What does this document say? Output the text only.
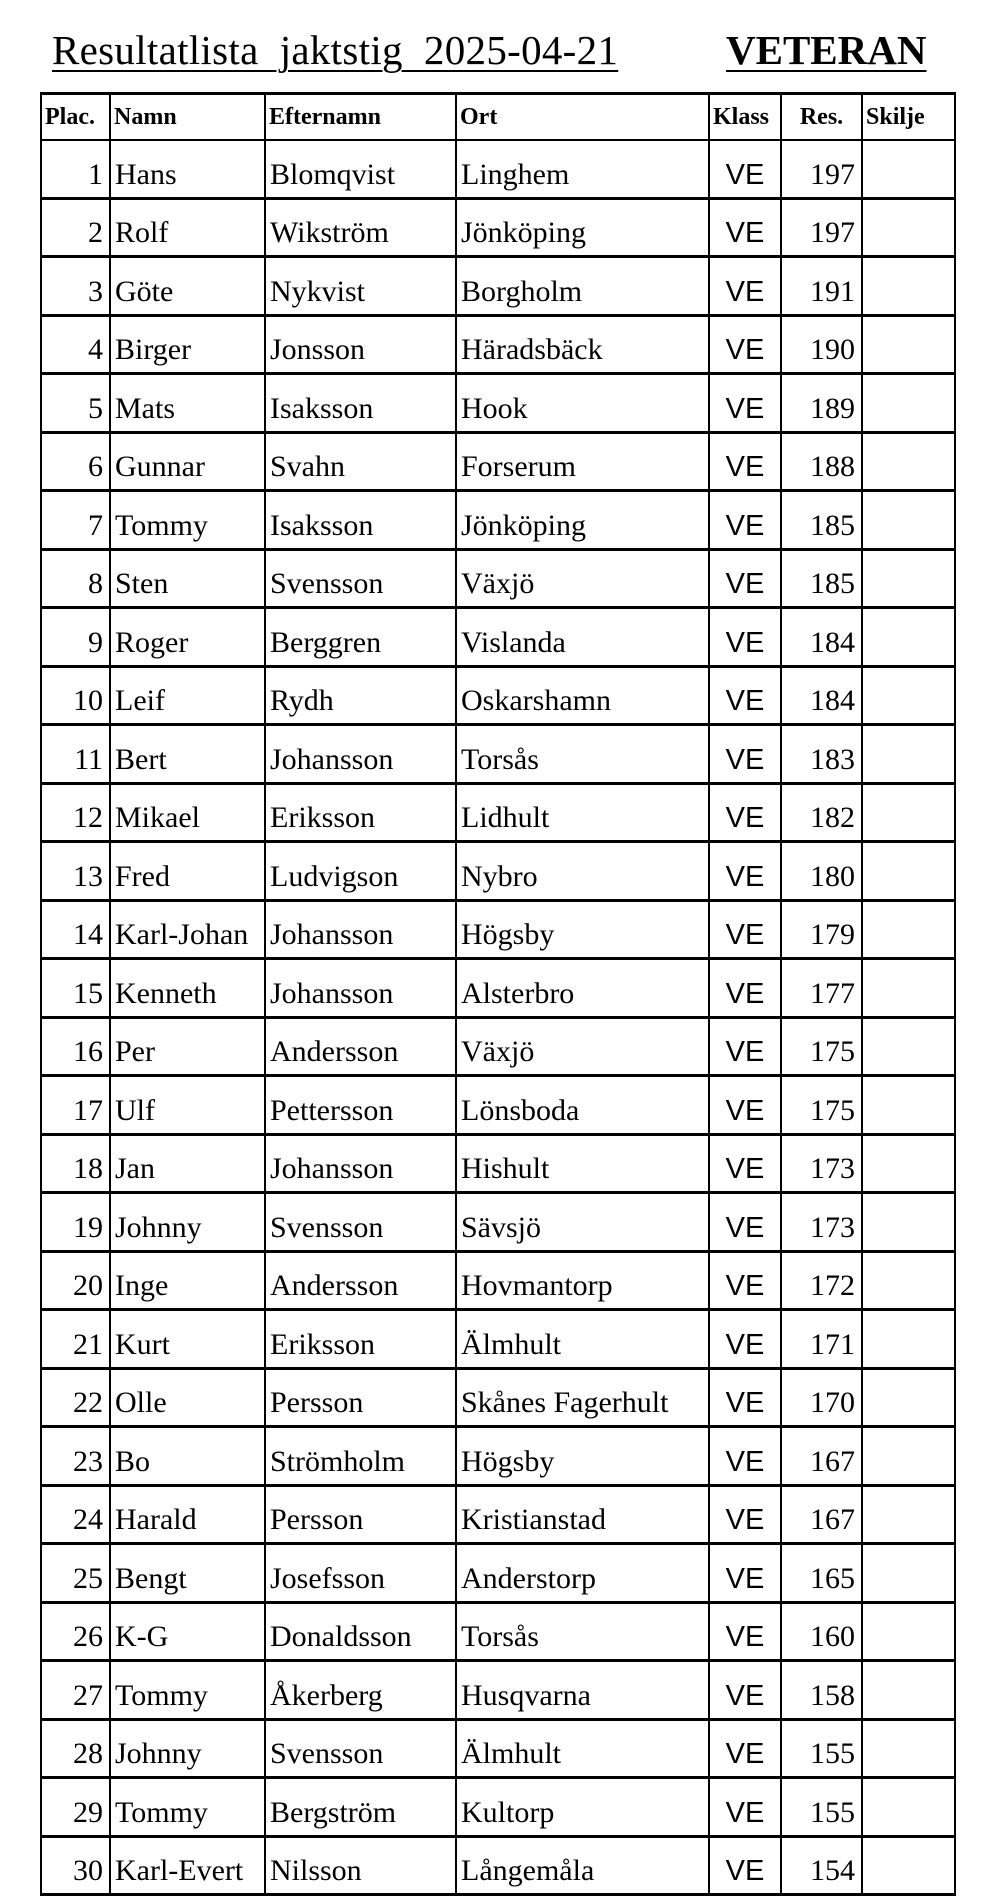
Resultatlista  jaktstig  2025-04-21	VETERAN
Plac.	Namn	Efternamn	Ort	Klass	Res.	Skilje
1	Hans	Blomqvist	Linghem	VE	197	
2	Rolf	Wikström	Jönköping	VE	197	
3	Göte	Nykvist	Borgholm	VE	191	
4	Birger	Jonsson	Häradsbäck	VE	190	
5	Mats	Isaksson	Hook	VE	189	
6	Gunnar	Svahn	Forserum	VE	188	
7	Tommy	Isaksson	Jönköping	VE	185	
8	Sten	Svensson	Växjö	VE	185	
9	Roger	Berggren	Vislanda	VE	184	
10	Leif	Rydh	Oskarshamn	VE	184	
11	Bert	Johansson	Torsås	VE	183	
12	Mikael	Eriksson	Lidhult	VE	182	
13	Fred	Ludvigson	Nybro	VE	180	
14	Karl-Johan	Johansson	Högsby	VE	179	
15	Kenneth	Johansson	Alsterbro	VE	177	
16	Per	Andersson	Växjö	VE	175	
17	Ulf	Pettersson	Lönsboda	VE	175	
18	Jan	Johansson	Hishult	VE	173	
19	Johnny	Svensson	Sävsjö	VE	173	
20	Inge	Andersson	Hovmantorp	VE	172	
21	Kurt	Eriksson	Älmhult	VE	171	
22	Olle	Persson	Skånes Fagerhult	VE	170	
23	Bo	Strömholm	Högsby	VE	167	
24	Harald	Persson	Kristianstad	VE	167	
25	Bengt	Josefsson	Anderstorp	VE	165	
26	K-G	Donaldsson	Torsås	VE	160	
27	Tommy	Åkerberg	Husqvarna	VE	158	
28	Johnny	Svensson	Älmhult	VE	155	
29	Tommy	Bergström	Kultorp	VE	155	
30	Karl-Evert	Nilsson	Långemåla	VE	154	
